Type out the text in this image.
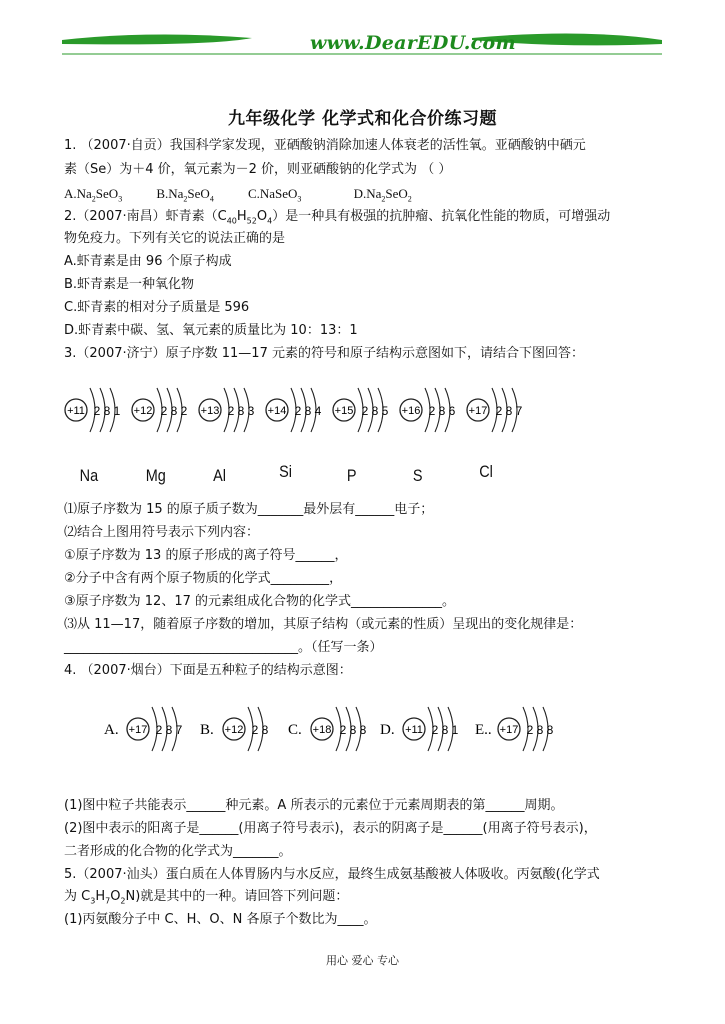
www.DearEDU.com
九年级化学 化学式和化合价练习题
1. （2007·自贡）我国科学家发现，亚硒酸钠消除加速人体衰老的活性氧。亚硒酸钠中硒元
素（Se）为＋4 价，氧元素为－2 价，则亚硒酸钠的化学式为 （ ）
$A.Na_2SeO_3$	$B.Na_2SeO_4$	C.NaSeO$_3$	$D.Na_2SeO_2$
2.（2007·南昌）虾青素$(C_{40}H_{52}O_4)$是一种具有极强的抗肿瘤、抗氧化性能的物质，可增强动
物免疫力。下列有关它的说法正确的是
A.虾青素是由 96 个原子构成
B.虾青素是一种氧化物
C.虾青素的相对分子质量是 596
D.虾青素中碳、氢、氧元素的质量比为 10：13：1
3.（2007·济宁）原子序数 11—17 元素的符号和原子结构示意图如下，请结合下图回答：
+11 2 8 1 +12 2 8 2 +13 2 8 3 +14 2 8 4 +15 2 8 5 +16 2 8 6 +17 2 8 7
Na	Mg	Al	Si	P	S	Cl
⑴原子序数为 15 的原子质子数为_______最外层有______电子；
⑵结合上图用符号表示下列内容：
①原子序数为 13 的原子形成的离子符号______，
②分子中含有两个原子物质的化学式_________，
③原子序数为 12、17 的元素组成化合物的化学式______________。
⑶从 11—17，随着原子序数的增加，其原子结构（或元素的性质）呈现出的变化规律是：
____________________________________。（任写一条）
4. （2007·烟台）下面是五种粒子的结构示意图：
A. +17 2 8 7 B. +12 2 8 C. +18 2 8 8 D. +11 2 8 1 E.. +17 2 8 8
(1)图中粒子共能表示______种元素。A 所表示的元素位于元素周期表的第______周期。
(2)图中表示的阳离子是______(用离子符号表示)，表示的阴离子是______(用离子符号表示)，
二者形成的化合物的化学式为_______。
5.（2007·汕头）蛋白质在人体胃肠内与水反应，最终生成氨基酸被人体吸收。丙氨酸(化学式
为 $C_3H_7O_2N$)就是其中的一种。请回答下列问题：
(1)丙氨酸分子中 C、H、O、N 各原子个数比为____。
用心 爱心 专心
